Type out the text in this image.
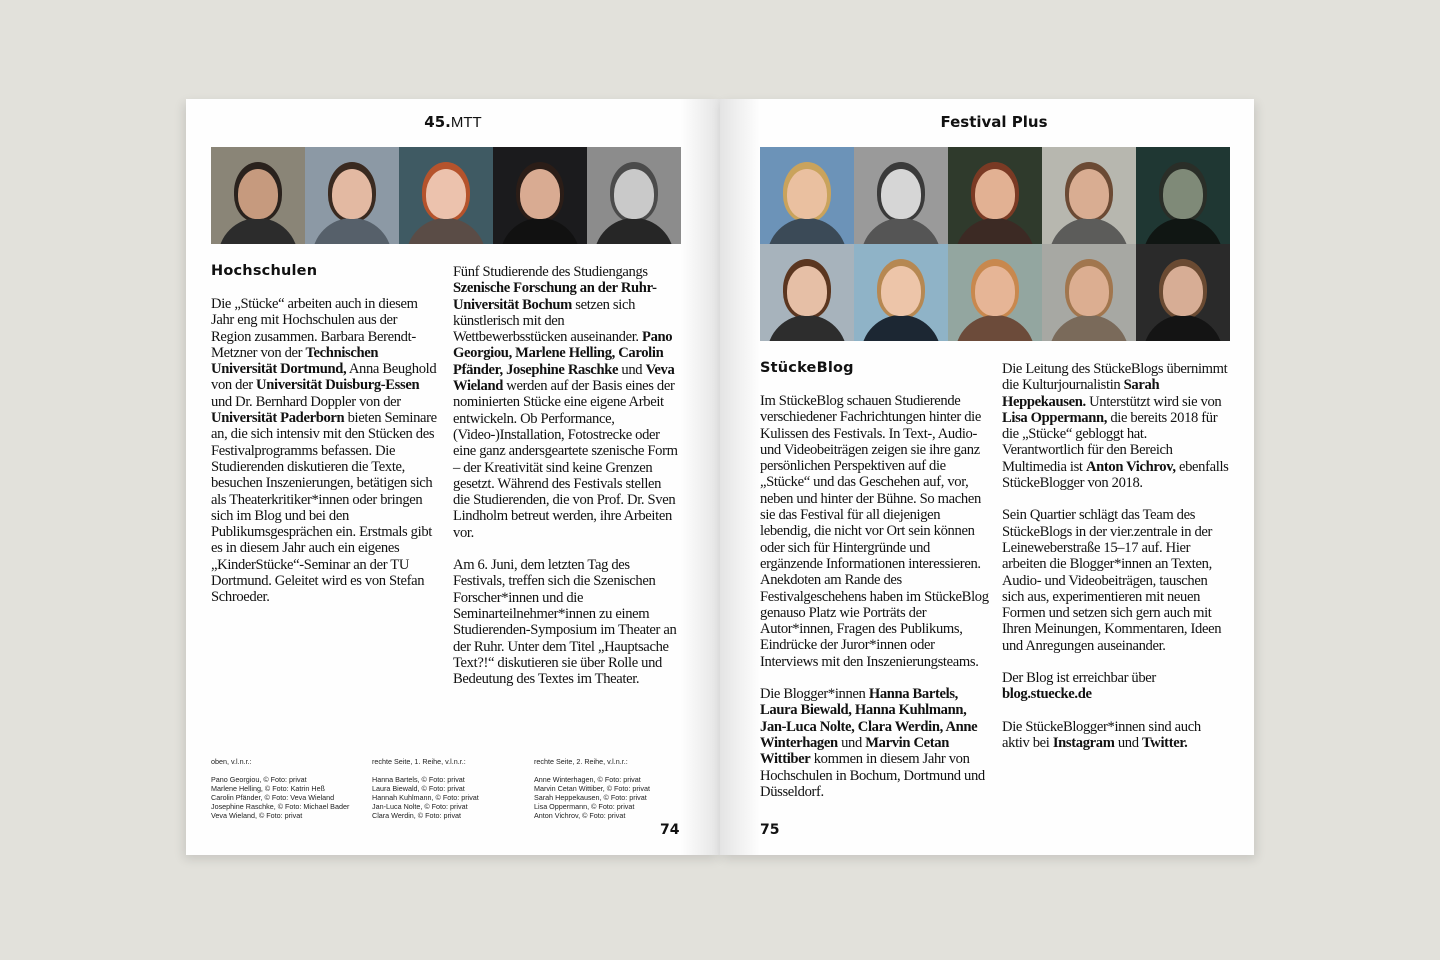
45.MTT
Hochschulen

Die „Stücke“ arbeiten auch in diesem Jahr eng mit Hochschulen aus der Region zusammen. Barbara Berendt-Metzner von der Technischen Universität Dortmund, Anna Beughold von der Universität Duisburg-Essen und Dr. Bernhard Doppler von der Universität Paderborn bieten Seminare an, die sich intensiv mit den Stücken des Festivalprogramms befassen. Die Studierenden diskutieren die Texte, besuchen Inszenierungen, betätigen sich als Theaterkritiker*innen oder bringen sich im Blog und bei den Publikumsgesprächen ein. Erstmals gibt es in diesem Jahr auch ein eigenes „KinderStücke“-Seminar an der TU Dortmund. Geleitet wird es von Stefan Schroeder.

Fünf Studierende des Studiengangs Szenische Forschung an der Ruhr-Universität Bochum setzen sich künstlerisch mit den Wettbewerbsstücken auseinander. Pano Georgiou, Marlene Helling, Carolin Pfänder, Josephine Raschke und Veva Wieland werden auf der Basis eines der nominierten Stücke eine eigene Arbeit entwickeln. Ob Performance, (Video-)Installation, Fotostrecke oder eine ganz andersgeartete szenische Form – der Kreativität sind keine Grenzen gesetzt. Während des Festivals stellen die Studierenden, die von Prof. Dr. Sven Lindholm betreut werden, ihre Arbeiten vor.

Am 6. Juni, dem letzten Tag des Festivals, treffen sich die Szenischen Forscher*innen und die Seminarteilnehmer*innen zu einem Studierenden-Symposium im Theater an der Ruhr. Unter dem Titel „Hauptsache Text?!“ diskutieren sie über Rolle und Bedeutung des Textes im Theater.

oben, v.l.n.r.:
Pano Georgiou, © Foto: privat
Marlene Helling, © Foto: Katrin Heß
Carolin Pfänder, © Foto: Veva Wieland
Josephine Raschke, © Foto: Michael Bader
Veva Wieland, © Foto: privat
rechte Seite, 1. Reihe, v.l.n.r.:
Hanna Bartels, © Foto: privat
Laura Biewald, © Foto: privat
Hannah Kuhlmann, © Foto: privat
Jan-Luca Nolte, © Foto: privat
Clara Werdin, © Foto: privat
rechte Seite, 2. Reihe, v.l.n.r.:
Anne Winterhagen, © Foto: privat
Marvin Cetan Wittiber, © Foto: privat
Sarah Heppekausen, © Foto: privat
Lisa Oppermann, © Foto: privat
Anton Vichrov, © Foto: privat
74
Festival Plus
StückeBlog

Im StückeBlog schauen Studierende verschiedener Fachrichtungen hinter die Kulissen des Festivals. In Text-, Audio- und Videobeiträgen zeigen sie ihre ganz persönlichen Perspektiven auf die „Stücke“ und das Geschehen auf, vor, neben und hinter der Bühne. So machen sie das Festival für all diejenigen lebendig, die nicht vor Ort sein können oder sich für Hintergründe und ergänzende Informationen interessieren. Anekdoten am Rande des Festivalgeschehens haben im StückeBlog genauso Platz wie Porträts der Autor*innen, Fragen des Publikums, Eindrücke der Juror*innen oder Interviews mit den Inszenierungsteams.

Die Blogger*innen Hanna Bartels, Laura Biewald, Hanna Kuhlmann, Jan-Luca Nolte, Clara Werdin, Anne Winterhagen und Marvin Cetan Wittiber kommen in diesem Jahr von Hochschulen in Bochum, Dortmund und Düsseldorf.

Die Leitung des StückeBlogs übernimmt die Kulturjournalistin Sarah Heppekausen. Unterstützt wird sie von Lisa Oppermann, die bereits 2018 für die „Stücke“ gebloggt hat. Verantwortlich für den Bereich Multimedia ist Anton Vichrov, ebenfalls StückeBlogger von 2018.

Sein Quartier schlägt das Team des StückeBlogs in der vier.zentrale in der Leineweberstraße 15–17 auf. Hier arbeiten die Blogger*innen an Texten, Audio- und Videobeiträgen, tauschen sich aus, experimentieren mit neuen Formen und setzen sich gern auch mit Ihren Meinungen, Kommentaren, Ideen und Anregungen auseinander.

Der Blog ist erreichbar über blog.stuecke.de

Die StückeBlogger*innen sind auch aktiv bei Instagram und Twitter.

75
